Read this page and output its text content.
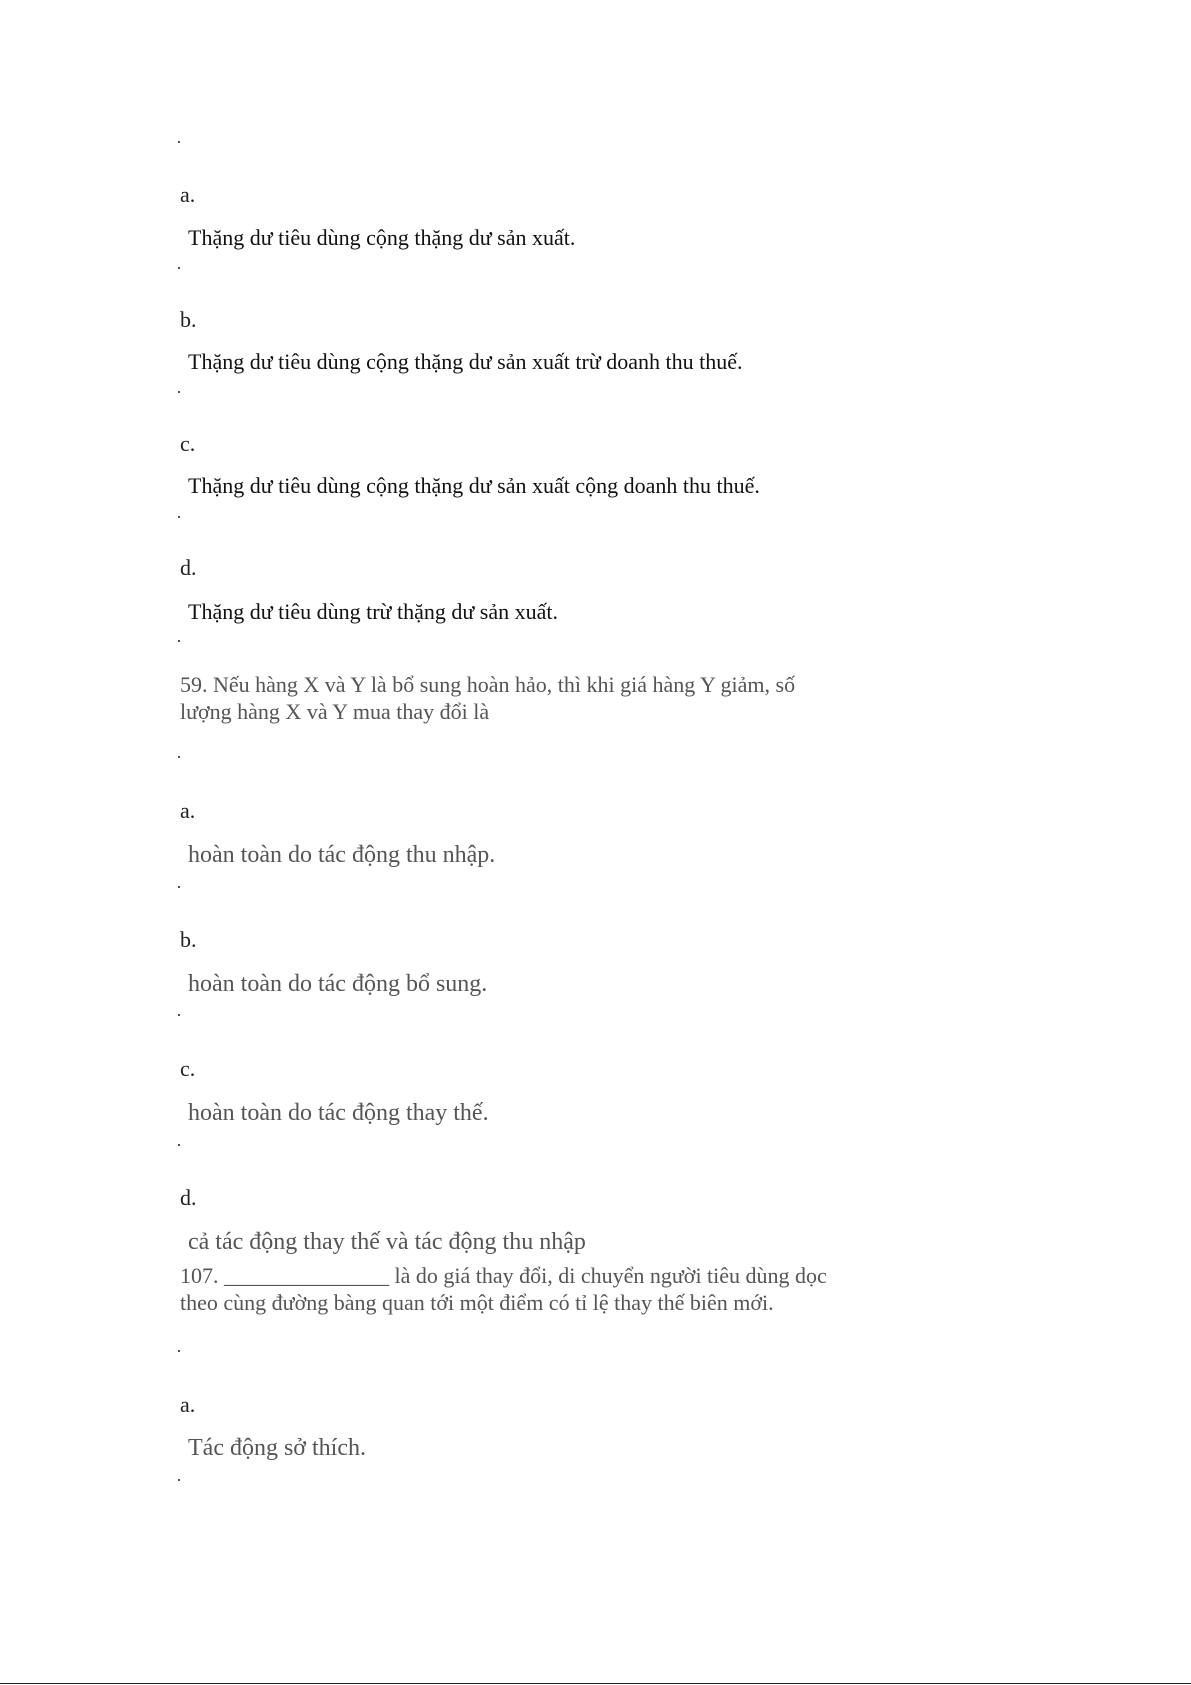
a.
Thặng dư tiêu dùng cộng thặng dư sản xuất.
b.
Thặng dư tiêu dùng cộng thặng dư sản xuất trừ doanh thu thuế.
c.
Thặng dư tiêu dùng cộng thặng dư sản xuất cộng doanh thu thuế.
d.
Thặng dư tiêu dùng trừ thặng dư sản xuất.
59. Nếu hàng X và Y là bổ sung hoàn hảo, thì khi giá hàng Y giảm, số
lượng hàng X và Y mua thay đổi là
a.
hoàn toàn do tác động thu nhập.
b.
hoàn toàn do tác động bổ sung.
c.
hoàn toàn do tác động thay thế.
d.
cả tác động thay thế và tác động thu nhập
107. _______________ là do giá thay đổi, di chuyển người tiêu dùng dọc
theo cùng đường bàng quan tới một điểm có tỉ lệ thay thế biên mới.
a.
Tác động sở thích.
